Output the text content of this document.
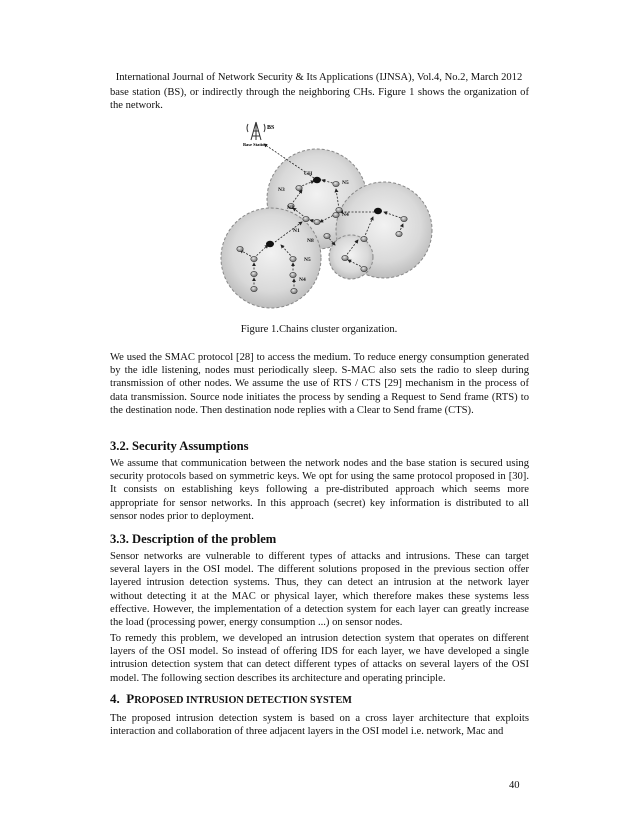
International Journal of Network Security & Its Applications (IJNSA), Vol.4, No.2, March 2012

base station (BS), or indirectly through the neighboring CHs. Figure 1 shows the organization of the network.

BS
Base Station
CH
N3
N2
N1
N5
N4
N8
N5
N4
Figure 1.Chains cluster organization.

We used the SMAC protocol [28] to access the medium. To reduce energy consumption generated by the idle listening, nodes must periodically sleep. S-MAC also sets the radio to sleep during transmission of other nodes. We assume the use of RTS / CTS [29] mechanism in the process of data transmission. Source node initiates the process by sending a Request to Send frame (RTS) to the destination node. Then destination node replies with a Clear to Send frame (CTS).

3.2. Security Assumptions

We assume that communication between the network nodes and the base station is secured using security protocols based on symmetric keys. We opt for using the same protocol proposed in [30]. It consists on establishing keys following a pre-distributed approach which seems more appropriate for sensor networks. In this approach (secret) key information is distributed to all sensor nodes prior to deployment.

3.3. Description of the problem

Sensor networks are vulnerable to different types of attacks and intrusions. These can target several layers in the OSI model. The different solutions proposed in the previous section offer layered intrusion detection systems. Thus, they can detect an intrusion at the network layer without detecting it at the MAC or physical layer, which therefore makes these systems less effective. However, the implementation of a detection system for each layer can greatly increase the load (processing power, energy consumption ...) on sensor nodes.

To remedy this problem, we developed an intrusion detection system that operates on different layers of the OSI model. So instead of offering IDS for each layer, we have developed a single intrusion detection system that can detect different types of attacks on several layers of the OSI model. The following section describes its architecture and operating principle.

4. PROPOSED INTRUSION DETECTION SYSTEM

The proposed intrusion detection system is based on a cross layer architecture that exploits interaction and collaboration of three adjacent layers in the OSI model i.e. network, Mac and

40
